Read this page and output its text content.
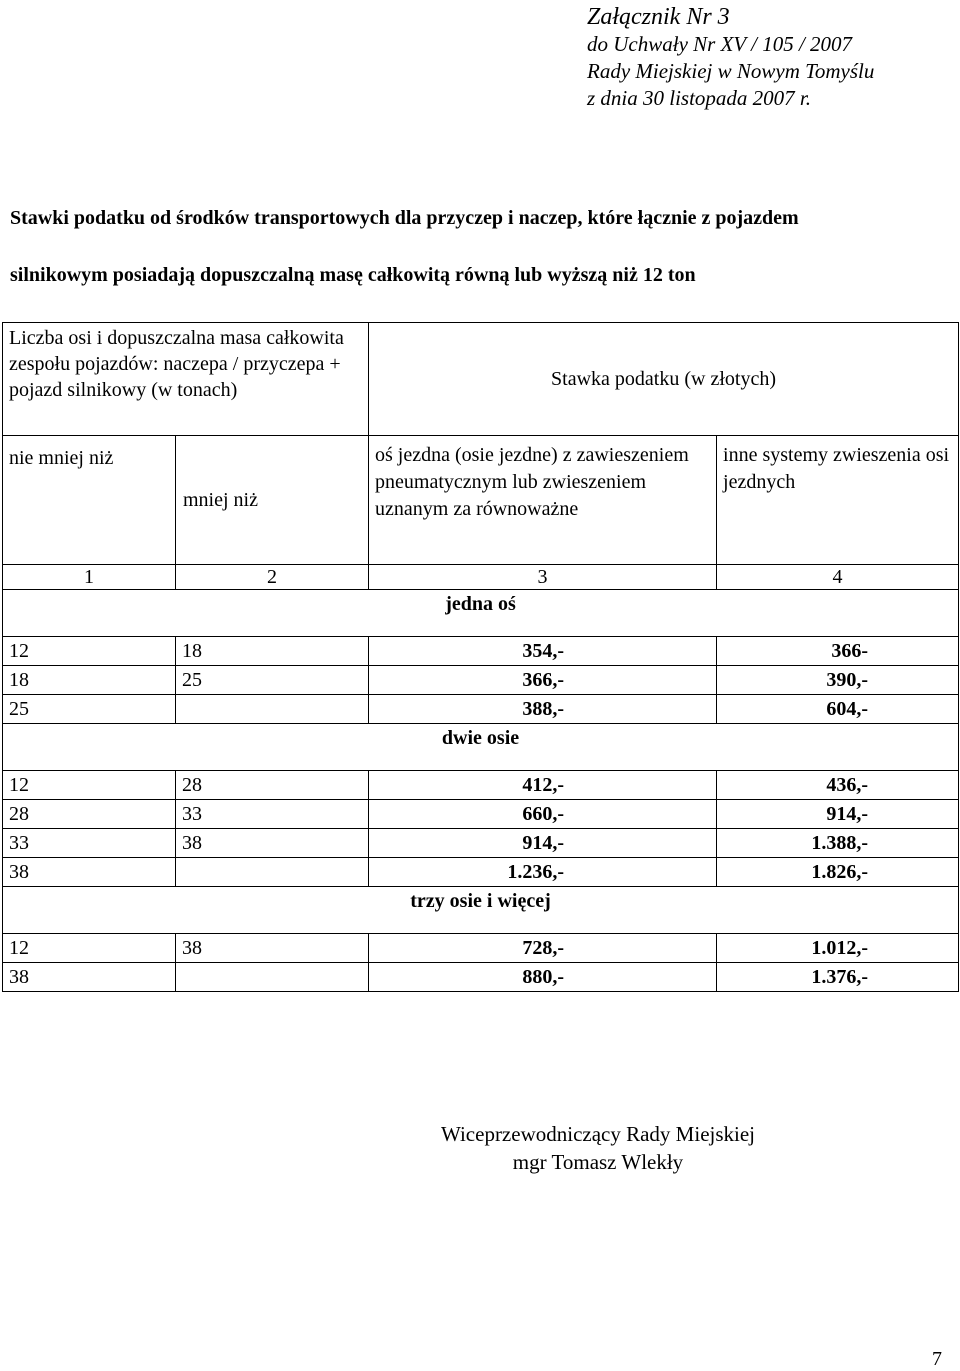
Załącznik Nr 3
do Uchwały Nr XV / 105 / 2007
Rady Miejskiej w Nowym Tomyślu
z dnia 30 listopada 2007 r.
Stawki podatku od środków transportowych dla przyczep i naczep, które łącznie z pojazdem
silnikowym posiadają dopuszczalną masę całkowitą równą lub wyższą niż 12 ton
Liczba osi i dopuszczalna masa całkowita zespołu pojazdów: naczepa / przyczepa + pojazd silnikowy (w tonach)		Stawka podatku (w złotych)	
nie mniej niż	mniej niż	oś jezdna (osie jezdne) z zawieszeniem pneumatycznym lub zwieszeniem uznanym za równoważne	inne systemy zwieszenia osi jezdnych
1	2	3	4
jedna oś			
12	18	354,-	366-
18	25	366,-	390,-
25		388,-	604,-
dwie osie			
12	28	412,-	436,-
28	33	660,-	914,-
33	38	914,-	1.388,-
38		1.236,-	1.826,-
trzy osie i więcej			
12	38	728,-	1.012,-
38		880,-	1.376,-
Wiceprzewodniczący Rady Miejskiej
mgr Tomasz Wlekły
7
